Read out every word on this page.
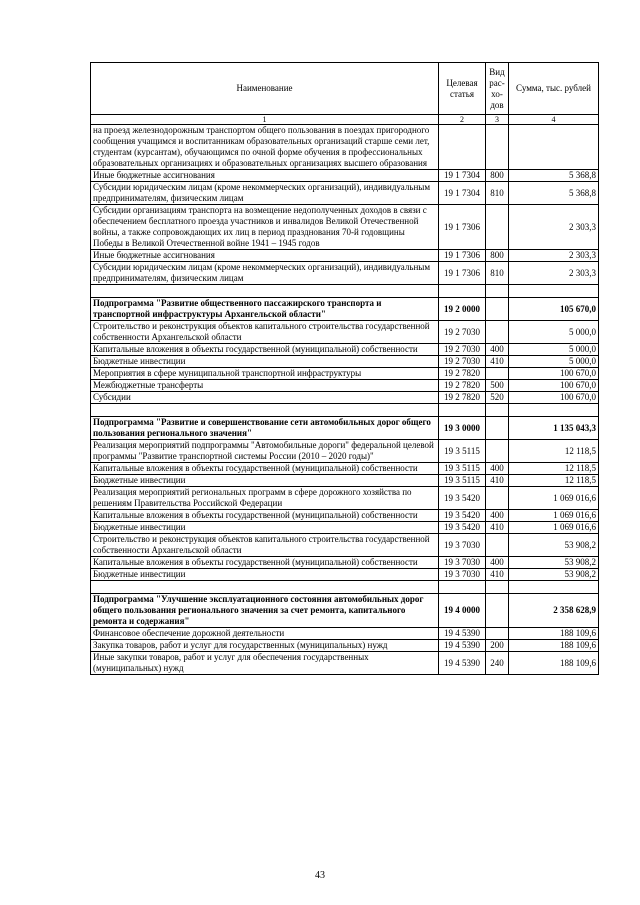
Наименование	Целевая статья	Вид рас-хо-дов	Сумма, тыс. рублей
1	2	3	4
на проезд железнодорожным транспортом общего пользования в поездах пригородного сообщения учащимся и воспитанникам образовательных организаций старше семи лет, студентам (курсантам), обучающимся по очной форме обучения в профессиональных образовательных организациях и образовательных организациях высшего образования			
Иные бюджетные ассигнования	19 1 7304	800	5 368,8
Субсидии юридическим лицам (кроме некоммерческих организаций), индивидуальным предпринимателям, физическим лицам	19 1 7304	810	5 368,8
Субсидии организациям транспорта на возмещение недополученных доходов в связи с обеспечением бесплатного проезда участников и инвалидов Великой Отечественной войны, а также сопровождающих их лиц в период празднования 70-й годовщины Победы в Великой Отечественной войне 1941 – 1945 годов	19 1 7306		2 303,3
Иные бюджетные ассигнования	19 1 7306	800	2 303,3
Субсидии юридическим лицам (кроме некоммерческих организаций), индивидуальным предпринимателям, физическим лицам	19 1 7306	810	2 303,3

Подпрограмма "Развитие общественного пассажирского транспорта и транспортной инфраструктуры Архангельской области"	19 2 0000		105 670,0
Строительство и реконструкция объектов капитального строительства государственной собственности Архангельской области	19 2 7030		5 000,0
Капитальные вложения в объекты государственной (муниципальной) собственности	19 2 7030	400	5 000,0
Бюджетные инвестиции	19 2 7030	410	5 000,0
Мероприятия в сфере муниципальной транспортной инфраструктуры	19 2 7820		100 670,0
Межбюджетные трансферты	19 2 7820	500	100 670,0
Субсидии	19 2 7820	520	100 670,0

Подпрограмма "Развитие и совершенствование сети автомобильных дорог общего пользования регионального значения"	19 3 0000		1 135 043,3
Реализация мероприятий подпрограммы "Автомобильные дороги" федеральной целевой программы "Развитие транспортной системы России (2010 – 2020 годы)"	19 3 5115		12 118,5
Капитальные вложения в объекты государственной (муниципальной) собственности	19 3 5115	400	12 118,5
Бюджетные инвестиции	19 3 5115	410	12 118,5
Реализация мероприятий региональных программ в сфере дорожного хозяйства по решениям Правительства Российской Федерации	19 3 5420		1 069 016,6
Капитальные вложения в объекты государственной (муниципальной) собственности	19 3 5420	400	1 069 016,6
Бюджетные инвестиции	19 3 5420	410	1 069 016,6
Строительство и реконструкция объектов капитального строительства государственной собственности Архангельской области	19 3 7030		53 908,2
Капитальные вложения в объекты государственной (муниципальной) собственности	19 3 7030	400	53 908,2
Бюджетные инвестиции	19 3 7030	410	53 908,2

Подпрограмма "Улучшение эксплуатационного состояния автомобильных дорог общего пользования регионального значения за счет ремонта, капитального ремонта и содержания"	19 4 0000		2 358 628,9
Финансовое обеспечение дорожной деятельности	19 4 5390		188 109,6
Закупка товаров, работ и услуг для государственных (муниципальных) нужд	19 4 5390	200	188 109,6
Иные закупки товаров, работ и услуг для обеспечения государственных (муниципальных) нужд	19 4 5390	240	188 109,6
43
